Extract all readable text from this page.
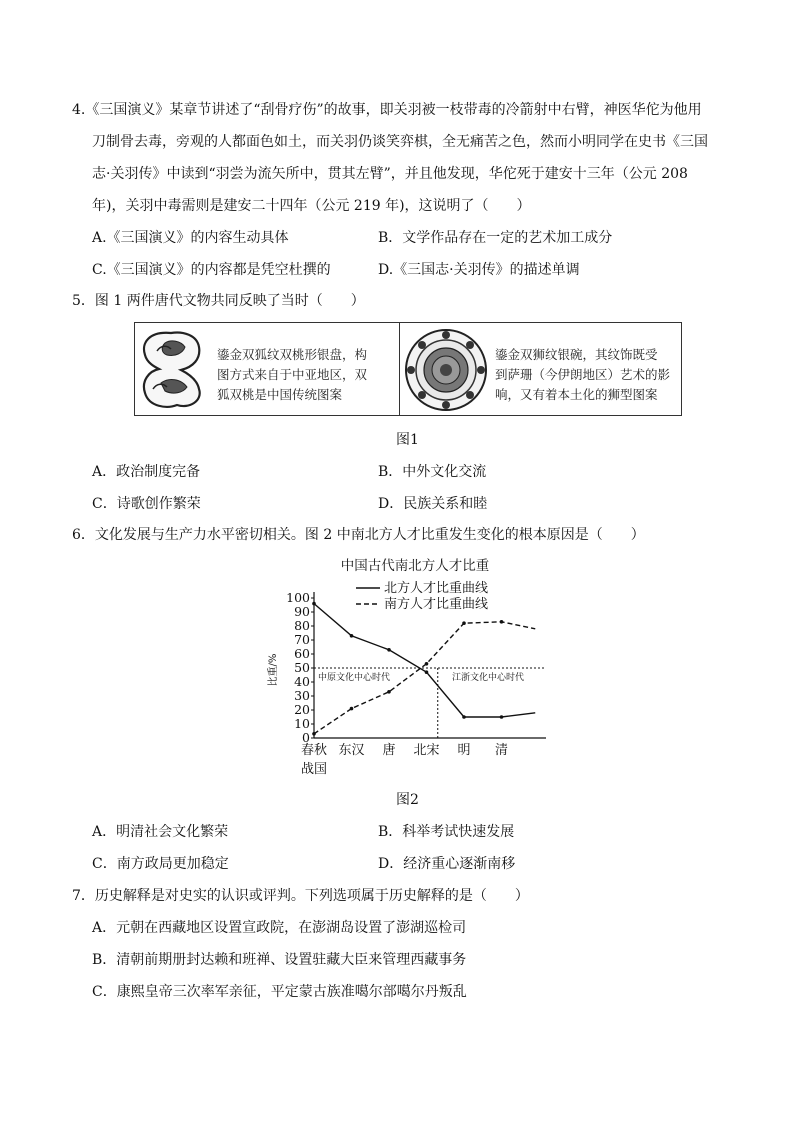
4.《三国演义》某章节讲述了“刮骨疗伤”的故事，即关羽被一枝带毒的冷箭射中右臂，神医华佗为他用
刀制骨去毒，旁观的人都面色如土，而关羽仍谈笑弈棋，全无痛苦之色，然而小明同学在史书《三国
志·关羽传》中读到“羽尝为流矢所中，贯其左臂”，并且他发现，华佗死于建安十三年（公元 208
年)，关羽中毒需则是建安二十四年（公元 219 年)，这说明了（　　）
A.《三国演义》的内容生动具体	B．文学作品存在一定的艺术加工成分
C.《三国演义》的内容都是凭空杜撰的	D.《三国志·关羽传》的描述单调
5．图 1 两件唐代文物共同反映了当时（　　）
鎏金双狐纹双桃形银盘，构
图方式来自于中亚地区，双
狐双桃是中国传统图案
鎏金双狮纹银碗，其纹饰既受
到萨珊（今伊朗地区）艺术的影
响，又有着本土化的狮型图案
图1
A．政治制度完备	B．中外文化交流
C．诗歌创作繁荣	D．民族关系和睦
6．文化发展与生产力水平密切相关。图 2 中南北方人才比重发生变化的根本原因是（　　）
中国古代南北方人才比重
北方人才比重曲线
南方人才比重曲线
比重/%
0
10
20
30
40
50
60
70
80
90
100
春秋 东汉 唐 北宋 明 清
战国
中原文化中心时代	江浙文化中心时代
图2
A．明清社会文化繁荣	B．科举考试快速发展
C．南方政局更加稳定	D．经济重心逐渐南移
7．历史解释是对史实的认识或评判。下列选项属于历史解释的是（　　）
A．元朝在西藏地区设置宣政院，在澎湖岛设置了澎湖巡检司
B．清朝前期册封达赖和班禅、设置驻藏大臣来管理西藏事务
C．康熙皇帝三次率军亲征，平定蒙古族准噶尔部噶尔丹叛乱
